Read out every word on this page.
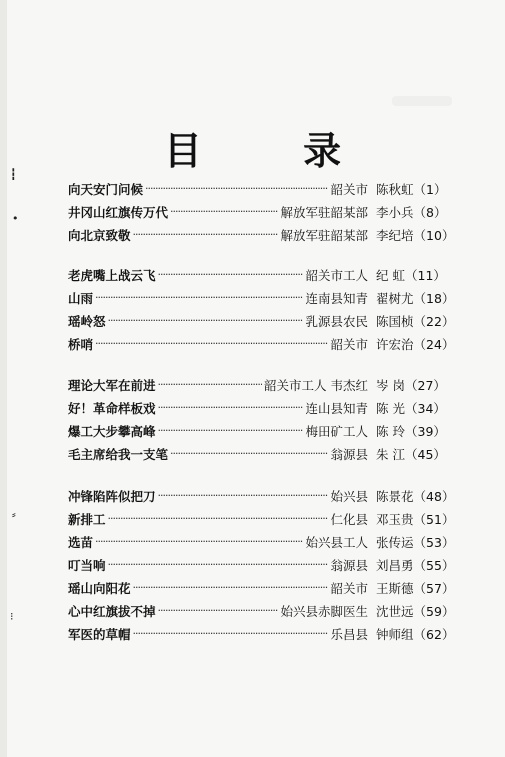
┇
•
⸗
⁝
目 录
向天安门问候 ·····	韶关市 陈秋虹（1）
井冈山红旗传万代 ·····	解放军驻韶某部 李小兵（8）
向北京致敬 ·····	解放军驻韶某部 李纪培（10）
老虎嘴上战云飞 ·····	韶关市工人 纪 虹（11）
山雨 ·····	连南县知青 翟树尤（18）
瑶岭怒 ·····	乳源县农民 陈国桢（22）
桥哨 ·····	韶关市 许宏治（24）
理论大军在前进 ·····	韶关市工人 韦杰红 岑 岗（27）
好！革命样板戏 ·····	连山县知青 陈 光（34）
爆工大步攀高峰 ·····	梅田矿工人 陈 玲（39）
毛主席给我一支笔 ·····	翁源县 朱 江（45）
冲锋陷阵似把刀 ·····	始兴县 陈景花（48）
新排工 ·····	仁化县 邓玉贵（51）
选苗 ·····	始兴县工人 张传运（53）
叮当响 ·····	翁源县 刘昌勇（55）
瑶山向阳花 ·····	韶关市 王斯德（57）
心中红旗拔不掉 ·····	始兴县赤脚医生 沈世远（59）
军医的草帽 ·····	乐昌县 钟师组（62）
